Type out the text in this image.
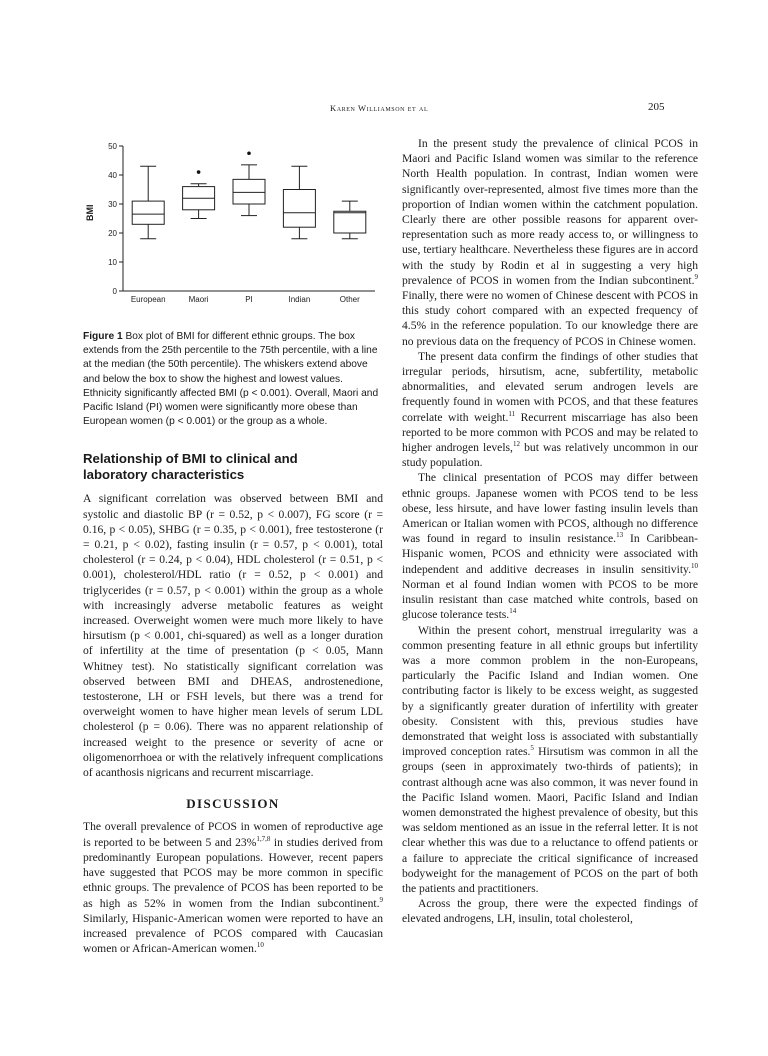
Karen Williamson et al	205
0
10
20
30
40
50
BMI
European	Maori	PI	Indian	Other

Figure 1 Box plot of BMI for different ethnic groups. The box extends from the 25th percentile to the 75th percentile, with a line at the median (the 50th percentile). The whiskers extend above and below the box to show the highest and lowest values. Ethnicity significantly affected BMI (p < 0.001). Overall, Maori and Pacific Island (PI) women were significantly more obese than European women (p < 0.001) or the group as a whole.

Relationship of BMI to clinical and
laboratory characteristics

A significant correlation was observed between BMI and systolic and diastolic BP (r = 0.52, p < 0.007), FG score (r = 0.16, p < 0.05), SHBG (r = 0.35, p < 0.001), free testosterone (r = 0.21, p < 0.02), fasting insulin (r = 0.57, p < 0.001), total cholesterol (r = 0.24, p < 0.04), HDL cholesterol (r = 0.51, p < 0.001), cholesterol/HDL ratio (r = 0.52, p < 0.001) and triglycerides (r = 0.57, p < 0.001) within the group as a whole with increasingly adverse metabolic features as weight increased. Overweight women were much more likely to have hirsutism (p < 0.001, chi-squared) as well as a longer duration of infertility at the time of presentation (p < 0.05, Mann Whitney test). No statistically significant correlation was observed between BMI and DHEAS, androstenedione, testosterone, LH or FSH levels, but there was a trend for overweight women to have higher mean levels of serum LDL cholesterol (p = 0.06). There was no apparent relationship of increased weight to the presence or severity of acne or oligomenorrhoea or with the relatively infrequent complications of acanthosis nigricans and recurrent miscarriage.

DISCUSSION

The overall prevalence of PCOS in women of reproductive age is reported to be between 5 and 23%$^{1,7,8}$ in studies derived from predominantly European populations. However, recent papers have suggested that PCOS may be more common in specific ethnic groups. The prevalence of PCOS has been reported to be as high as 52% in women from the Indian subcontinent.$^9$ Similarly, Hispanic-American women were reported to have an increased prevalence of PCOS compared with Caucasian women or African-American women.$^{10}$

In the present study the prevalence of clinical PCOS in Maori and Pacific Island women was similar to the reference North Health population. In contrast, Indian women were significantly over-represented, almost five times more than the proportion of Indian women within the catchment population. Clearly there are other possible reasons for apparent over-representation such as more ready access to, or willingness to use, tertiary healthcare. Nevertheless these figures are in accord with the study by Rodin et al in suggesting a very high prevalence of PCOS in women from the Indian subcontinent.$^9$ Finally, there were no women of Chinese descent with PCOS in this study cohort compared with an expected frequency of 4.5% in the reference population. To our knowledge there are no previous data on the frequency of PCOS in Chinese women.

The present data confirm the findings of other studies that irregular periods, hirsutism, acne, subfertility, metabolic abnormalities, and elevated serum androgen levels are frequently found in women with PCOS, and that these features correlate with weight.$^{11}$ Recurrent miscarriage has also been reported to be more common with PCOS and may be related to higher androgen levels,$^{12}$ but was relatively uncommon in our study population.

The clinical presentation of PCOS may differ between ethnic groups. Japanese women with PCOS tend to be less obese, less hirsute, and have lower fasting insulin levels than American or Italian women with PCOS, although no difference was found in regard to insulin resistance.$^{13}$ In Caribbean-Hispanic women, PCOS and ethnicity were associated with independent and additive decreases in insulin sensitivity.$^{10}$ Norman et al found Indian women with PCOS to be more insulin resistant than case matched white controls, based on glucose tolerance tests.$^{14}$

Within the present cohort, menstrual irregularity was a common presenting feature in all ethnic groups but infertility was a more common problem in the non-Europeans, particularly the Pacific Island and Indian women. One contributing factor is likely to be excess weight, as suggested by a significantly greater duration of infertility with greater obesity. Consistent with this, previous studies have demonstrated that weight loss is associated with substantially improved conception rates.$^5$ Hirsutism was common in all the groups (seen in approximately two-thirds of patients); in contrast although acne was also common, it was never found in the Pacific Island women. Maori, Pacific Island and Indian women demonstrated the highest prevalence of obesity, but this was seldom mentioned as an issue in the referral letter. It is not clear whether this was due to a reluctance to offend patients or a failure to appreciate the critical significance of increased bodyweight for the management of PCOS on the part of both the patients and practitioners.

Across the group, there were the expected findings of elevated androgens, LH, insulin, total cholesterol,
